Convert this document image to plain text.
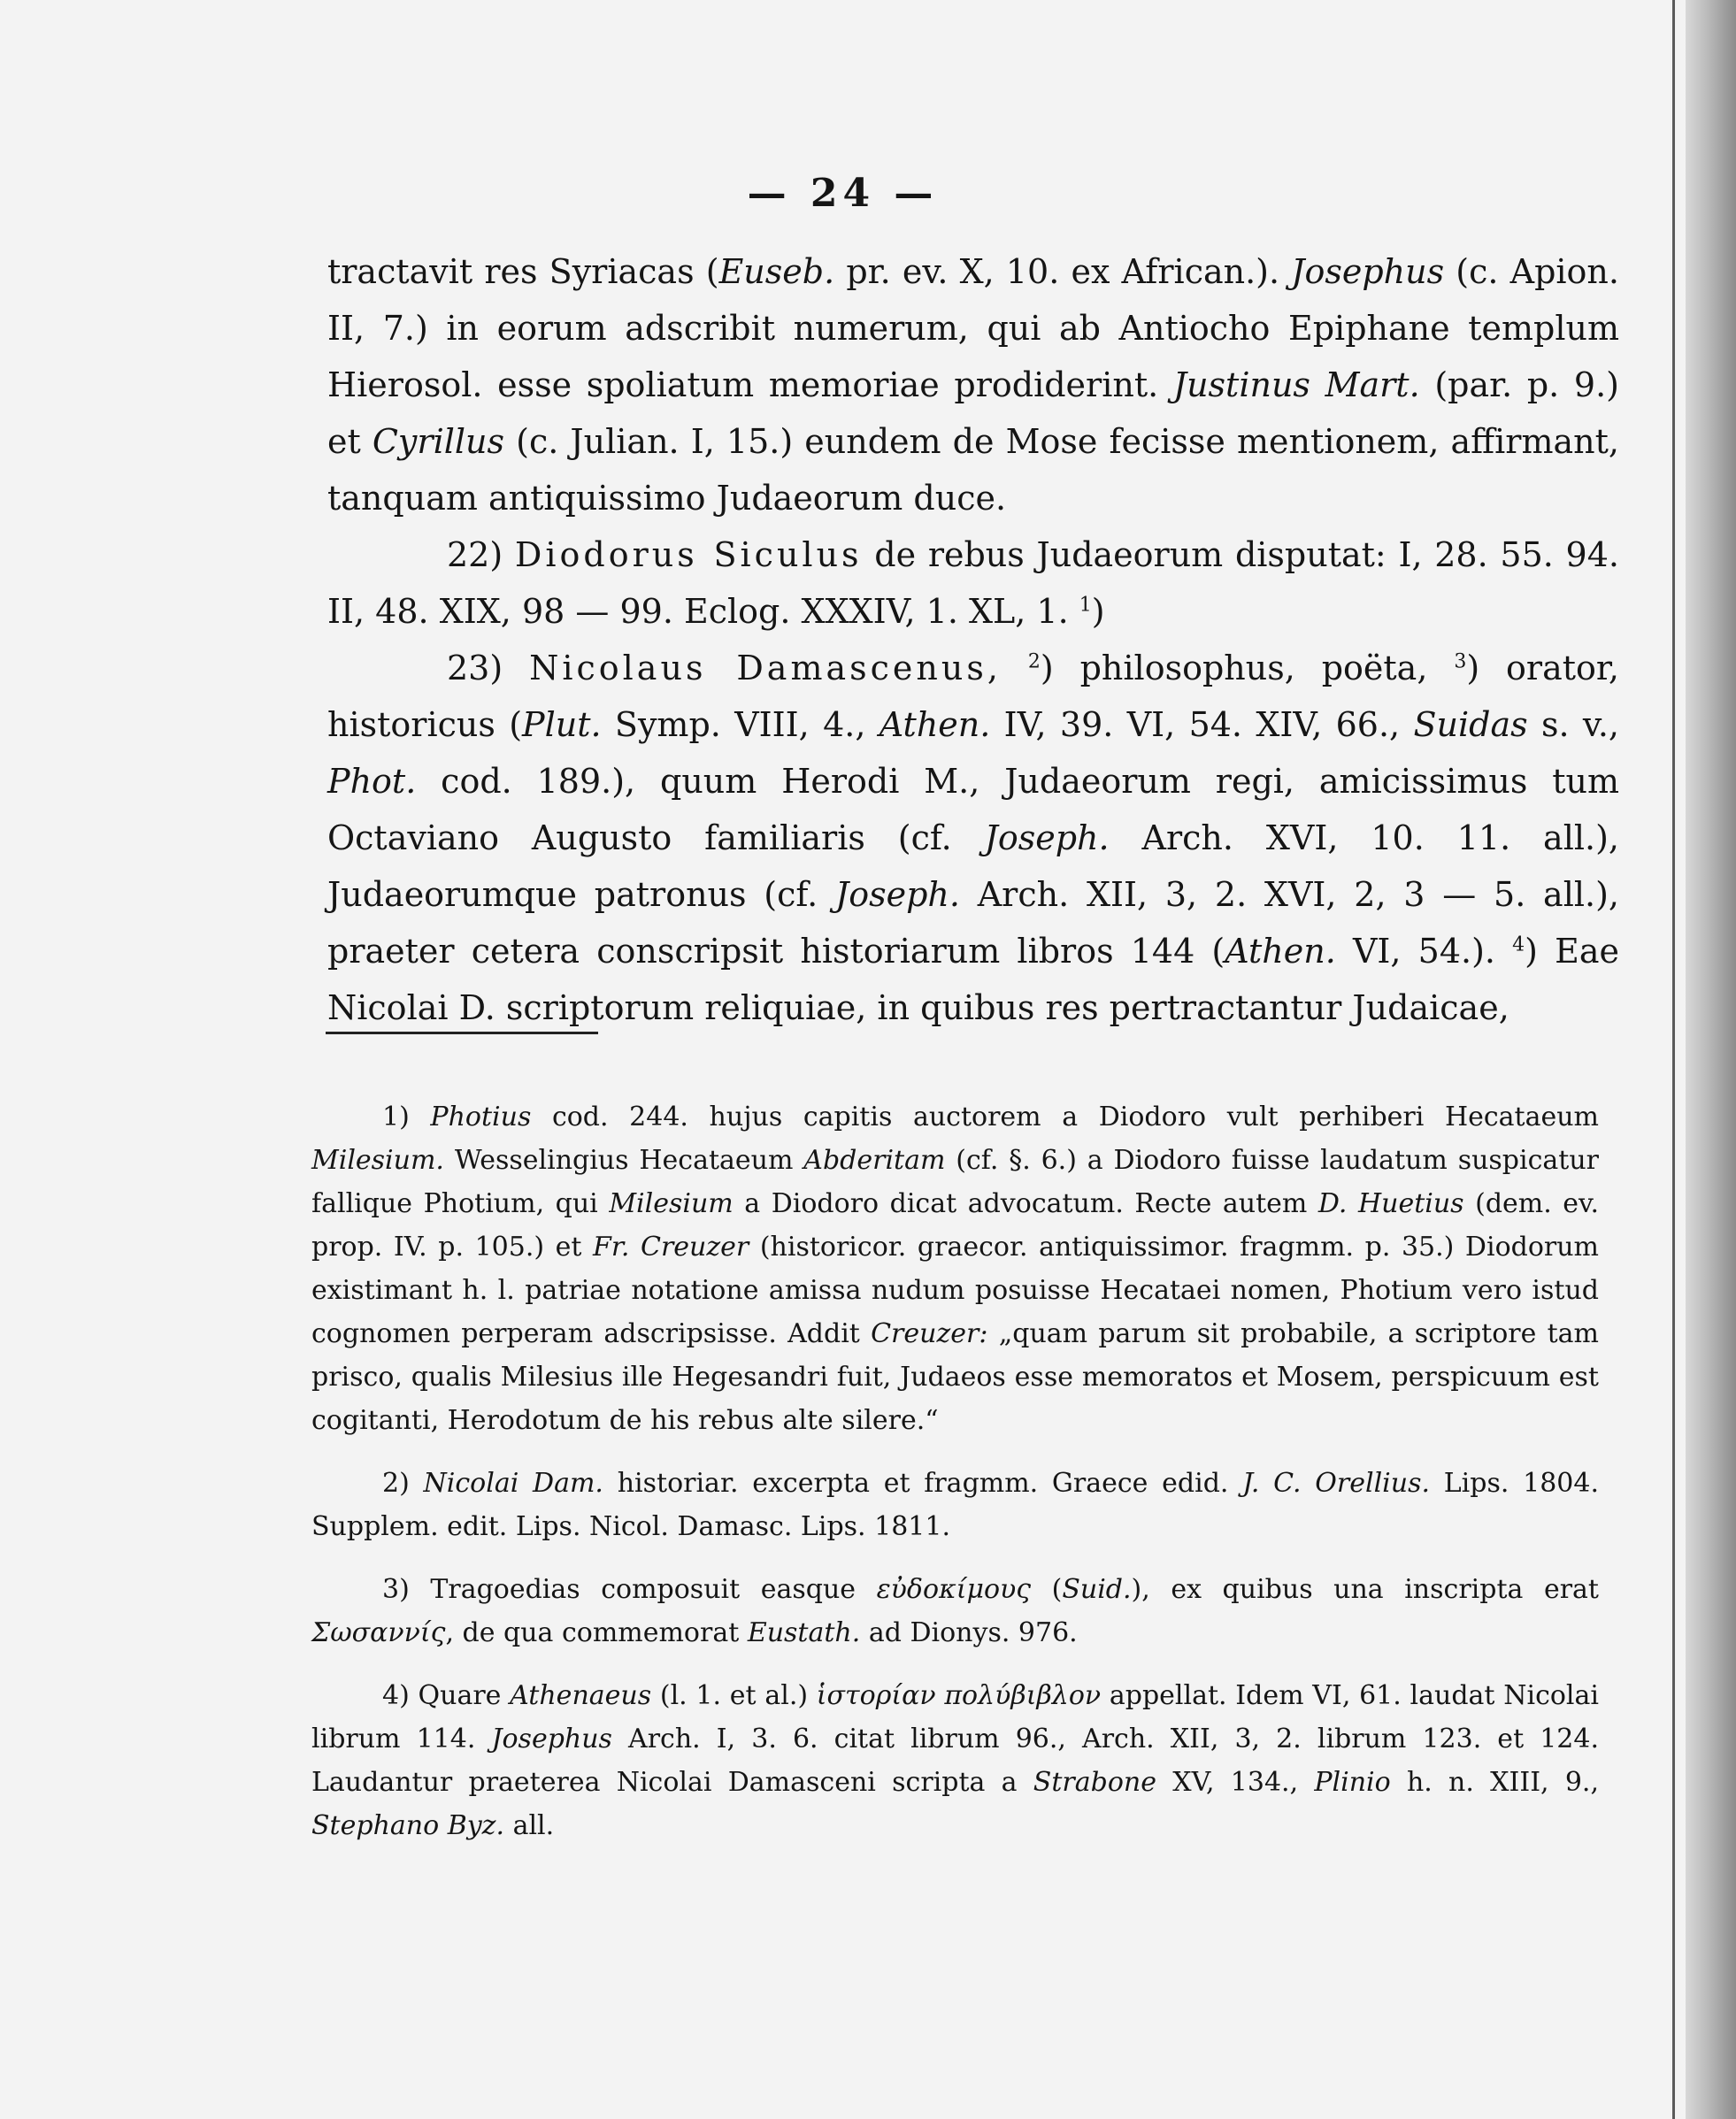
— 24 —

tractavit res Syriacas (Euseb. pr. ev. X, 10. ex African.). Josephus (c. Apion. II, 7.) in eorum adscribit numerum, qui ab Antiocho Epiphane templum Hierosol. esse spoliatum memoriae prodiderint. Justinus Mart. (par. p. 9.) et Cyrillus (c. Julian. I, 15.) eundem de Mose fecisse mentionem, affirmant, tanquam antiquissimo Judaeorum duce.

22) Diodorus Siculus de rebus Judaeorum disputat: I, 28. 55. 94. II, 48. XIX, 98 — 99. Eclog. XXXIV, 1. XL, 1. $^1$)

23) Nicolaus Damascenus, $^2$) philosophus, poëta, $^3$) orator, historicus (Plut. Symp. VIII, 4., Athen. IV, 39. VI, 54. XIV, 66., Suidas s. v., Phot. cod. 189.), quum Herodi M., Judaeorum regi, amicissimus tum Octaviano Augusto familiaris (cf. Joseph. Arch. XVI, 10. 11. all.), Judaeorumque patronus (cf. Joseph. Arch. XII, 3, 2. XVI, 2, 3 — 5. all.), praeter cetera conscripsit historiarum libros 144 (Athen. VI, 54.). $^4$) Eae Nicolai D. scriptorum reliquiae, in quibus res pertractantur Judaicae,

1) Photius cod. 244. hujus capitis auctorem a Diodoro vult perhiberi Hecataeum Milesium. Wesselingius Hecataeum Abderitam (cf. §. 6.) a Diodoro fuisse laudatum suspicatur fallique Photium, qui Milesium a Diodoro dicat advocatum. Recte autem D. Huetius (dem. ev. prop. IV. p. 105.) et Fr. Creuzer (historicor. graecor. antiquissimor. fragmm. p. 35.) Diodorum existimant h. l. patriae notatione amissa nudum posuisse Hecataei nomen, Photium vero istud cognomen perperam adscripsisse. Addit Creuzer: „quam parum sit probabile, a scriptore tam prisco, qualis Milesius ille Hegesandri fuit, Judaeos esse memoratos et Mosem, perspicuum est cogitanti, Herodotum de his rebus alte silere.“

2) Nicolai Dam. historiar. excerpta et fragmm. Graece edid. J. C. Orellius. Lips. 1804. Supplem. edit. Lips. Nicol. Damasc. Lips. 1811.

3) Tragoedias composuit easque εὐδοκίμους (Suid.), ex quibus una inscripta erat Σωσαννίς, de qua commemorat Eustath. ad Dionys. 976.

4) Quare Athenaeus (l. 1. et al.) ἱστορίαν πολύβιβλον appellat. Idem VI, 61. laudat Nicolai librum 114. Josephus Arch. I, 3. 6. citat librum 96., Arch. XII, 3, 2. librum 123. et 124. Laudantur praeterea Nicolai Damasceni scripta a Strabone XV, 134., Plinio h. n. XIII, 9., Stephano Byz. all.
